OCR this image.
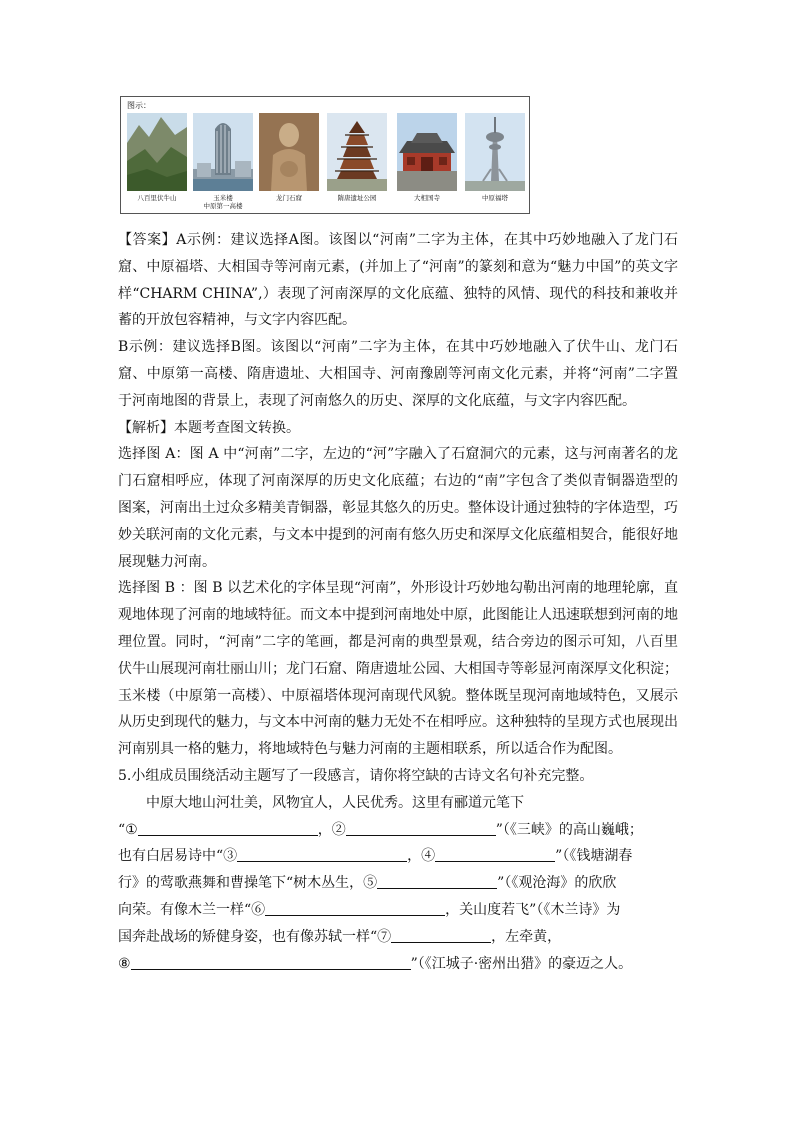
图示：
八百里伏牛山	玉米楼
中原第一高楼
龙门石窟	隋唐遗址公园	大相国寺	中原福塔

【答案】A示例：建议选择A图。该图以“河南”二字为主体，在其中巧妙地融入了龙门石窟、中原福塔、大相国寺等河南元素，(并加上了“河南”的篆刻和意为“魅力中国”的英文字样“CHARM CHINA”,）表现了河南深厚的文化底蕴、独特的风情、现代的科技和兼收并蓄的开放包容精神，与文字内容匹配。

B示例：建议选择B图。该图以“河南”二字为主体，在其中巧妙地融入了伏牛山、龙门石窟、中原第一高楼、隋唐遗址、大相国寺、河南豫剧等河南文化元素，并将“河南”二字置于河南地图的背景上，表现了河南悠久的历史、深厚的文化底蕴，与文字内容匹配。

【解析】本题考查图文转换。

选择图 A：图 A 中“河南”二字，左边的“河”字融入了石窟洞穴的元素，这与河南著名的龙门石窟相呼应，体现了河南深厚的历史文化底蕴；右边的“南”字包含了类似青铜器造型的图案，河南出土过众多精美青铜器，彰显其悠久的历史。整体设计通过独特的字体造型，巧妙关联河南的文化元素，与文本中提到的河南有悠久历史和深厚文化底蕴相契合，能很好地展现魅力河南。

选择图 B ：图 B 以艺术化的字体呈现“河南”，外形设计巧妙地勾勒出河南的地理轮廓，直观地体现了河南的地域特征。而文本中提到河南地处中原，此图能让人迅速联想到河南的地理位置。同时，“河南”二字的笔画，都是河南的典型景观，结合旁边的图示可知，八百里伏牛山展现河南壮丽山川；龙门石窟、隋唐遗址公园、大相国寺等彰显河南深厚文化积淀；玉米楼（中原第一高楼）、中原福塔体现河南现代风貌。整体既呈现河南地域特色，又展示从历史到现代的魅力，与文本中河南的魅力无处不在相呼应。这种独特的呈现方式也展现出河南别具一格的魅力，将地域特色与魅力河南的主题相联系，所以适合作为配图。

5.小组成员围绕活动主题写了一段感言，请你将空缺的古诗文名句补充完整。

中原大地山河壮美，风物宜人，人民优秀。这里有郦道元笔下

“①	，②	”（《三峡》的高山巍峨；

也有白居易诗中“③	，④	”（《钱塘湖春

行》的莺歌燕舞和曹操笔下“树木丛生，⑤	”（《观沧海》的欣欣

向荣。有像木兰一样“⑥	，关山度若飞”（《木兰诗》为

国奔赴战场的矫健身姿，也有像苏轼一样“⑦	，左牵黄，

⑧	”（《江城子·密州出猎》的豪迈之人。
